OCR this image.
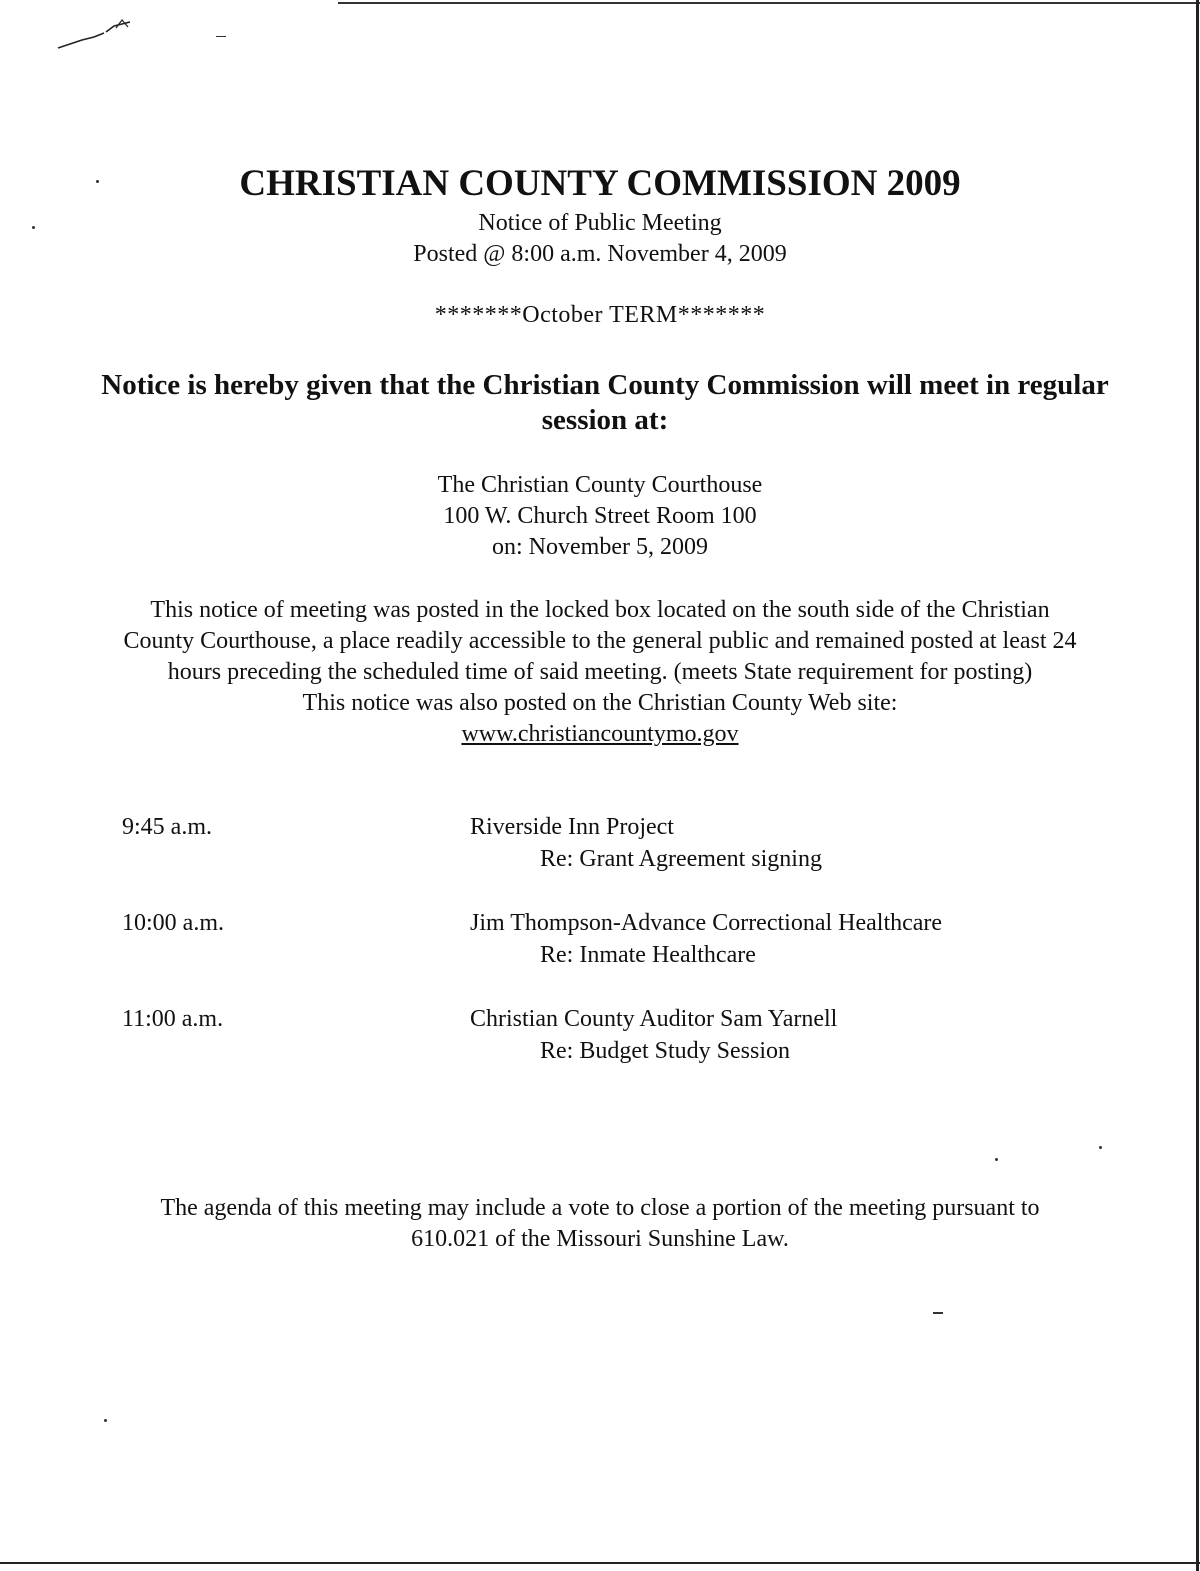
CHRISTIAN COUNTY COMMISSION 2009
Notice of Public Meeting
Posted @ 8:00 a.m. November 4, 2009
*******October TERM*******
Notice is hereby given that the Christian County Commission will meet in regular
session at:
The Christian County Courthouse
100 W. Church Street Room 100
on: November 5, 2009
This notice of meeting was posted in the locked box located on the south side of the Christian
County Courthouse, a place readily accessible to the general public and remained posted at least 24
hours preceding the scheduled time of said meeting. (meets State requirement for posting)
This notice was also posted on the Christian County Web site:
www.christiancountymo.gov
9:45 a.m.	Riverside Inn Project
Re: Grant Agreement signing
10:00 a.m.	Jim Thompson-Advance Correctional Healthcare
Re: Inmate Healthcare
11:00 a.m.	Christian County Auditor Sam Yarnell
Re: Budget Study Session
The agenda of this meeting may include a vote to close a portion of the meeting pursuant to
610.021 of the Missouri Sunshine Law.
